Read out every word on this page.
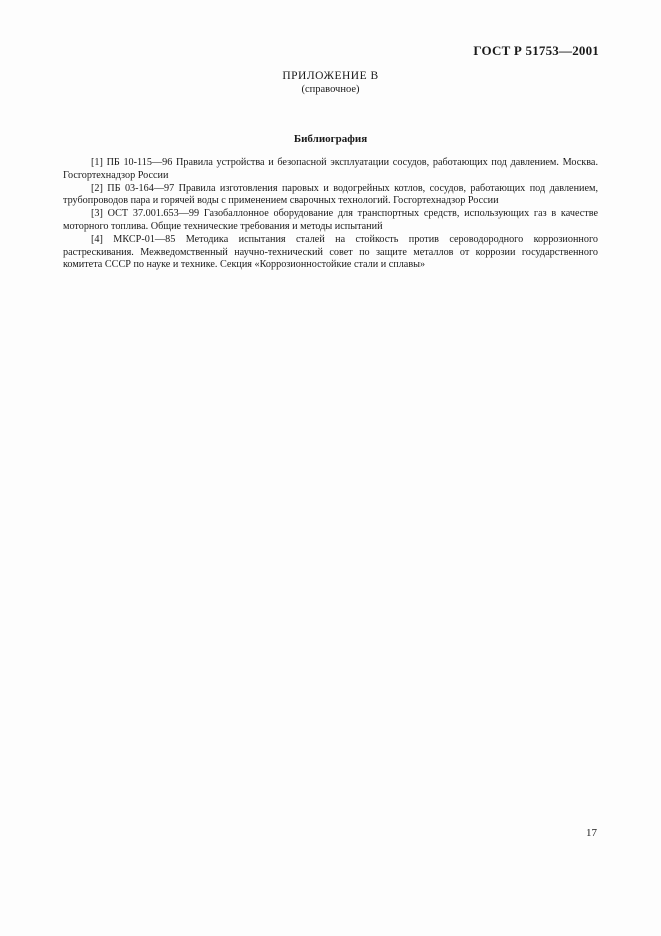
ГОСТ Р 51753—2001
ПРИЛОЖЕНИЕ В
(справочное)
Библиография

[1] ПБ 10-115—96 Правила устройства и безопасной эксплуатации сосудов, работающих под давлением. Москва. Госгортехнадзор России

[2] ПБ 03-164—97 Правила изготовления паровых и водогрейных котлов, сосудов, работающих под давлением, трубопроводов пара и горячей воды с применением сварочных технологий. Госгортехнадзор России

[3] ОСТ 37.001.653—99 Газобаллонное оборудование для транспортных средств, использующих газ в качестве моторного топлива. Общие технические требования и методы испытаний

[4] МКСР-01—85 Методика испытания сталей на стойкость против сероводородного коррозионного растрескивания. Межведомственный научно-технический совет по защите металлов от коррозии государственного комитета СССР по науке и технике. Секция «Коррозионностойкие стали и сплавы»

17
